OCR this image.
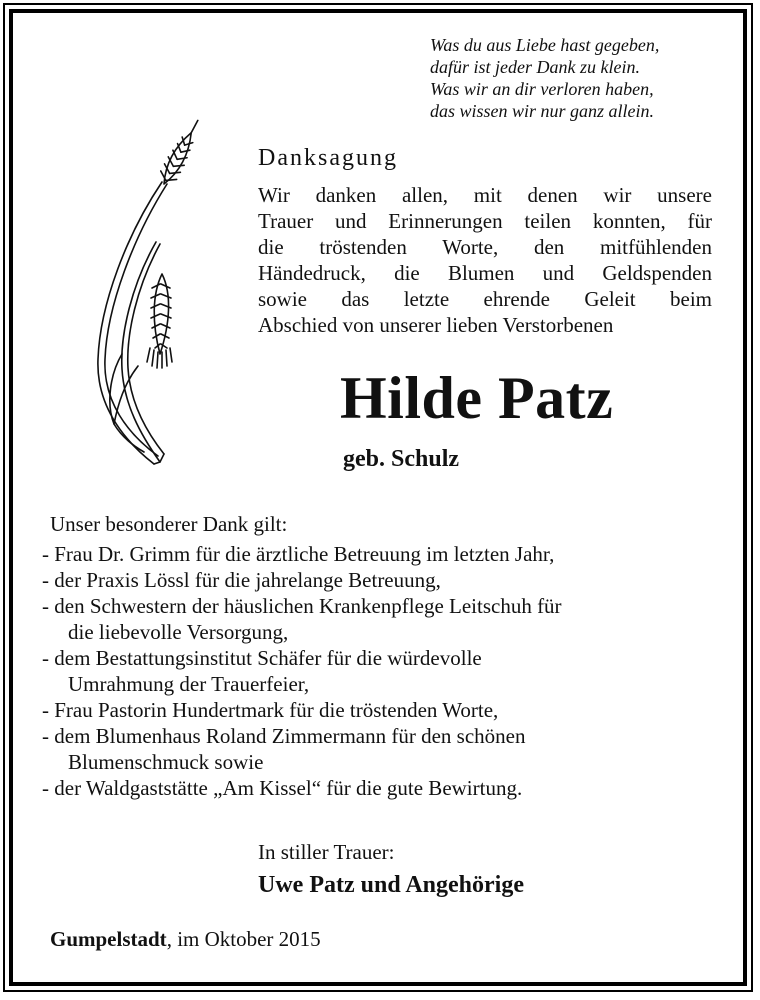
Was du aus Liebe hast gegeben,
dafür ist jeder Dank zu klein.
Was wir an dir verloren haben,
das wissen wir nur ganz allein.
Danksagung
Wir danken allen, mit denen wir unsere
Trauer und Erinnerungen teilen konnten, für
die tröstenden Worte, den mitfühlenden
Händedruck, die Blumen und Geldspenden
sowie das letzte ehrende Geleit beim
Abschied von unserer lieben Verstorbenen
Hilde Patz
geb. Schulz
Unser besonderer Dank gilt:
- Frau Dr. Grimm für die ärztliche Betreuung im letzten Jahr,
- der Praxis Lössl für die jahrelange Betreuung,
- den Schwestern der häuslichen Krankenpflege Leitschuh für
die liebevolle Versorgung,
- dem Bestattungsinstitut Schäfer für die würdevolle
Umrahmung der Trauerfeier,
- Frau Pastorin Hundertmark für die tröstenden Worte,
- dem Blumenhaus Roland Zimmermann für den schönen
Blumenschmuck sowie
- der Waldgaststätte „Am Kissel“ für die gute Bewirtung.
In stiller Trauer:
Uwe Patz und Angehörige
Gumpelstadt, im Oktober 2015
